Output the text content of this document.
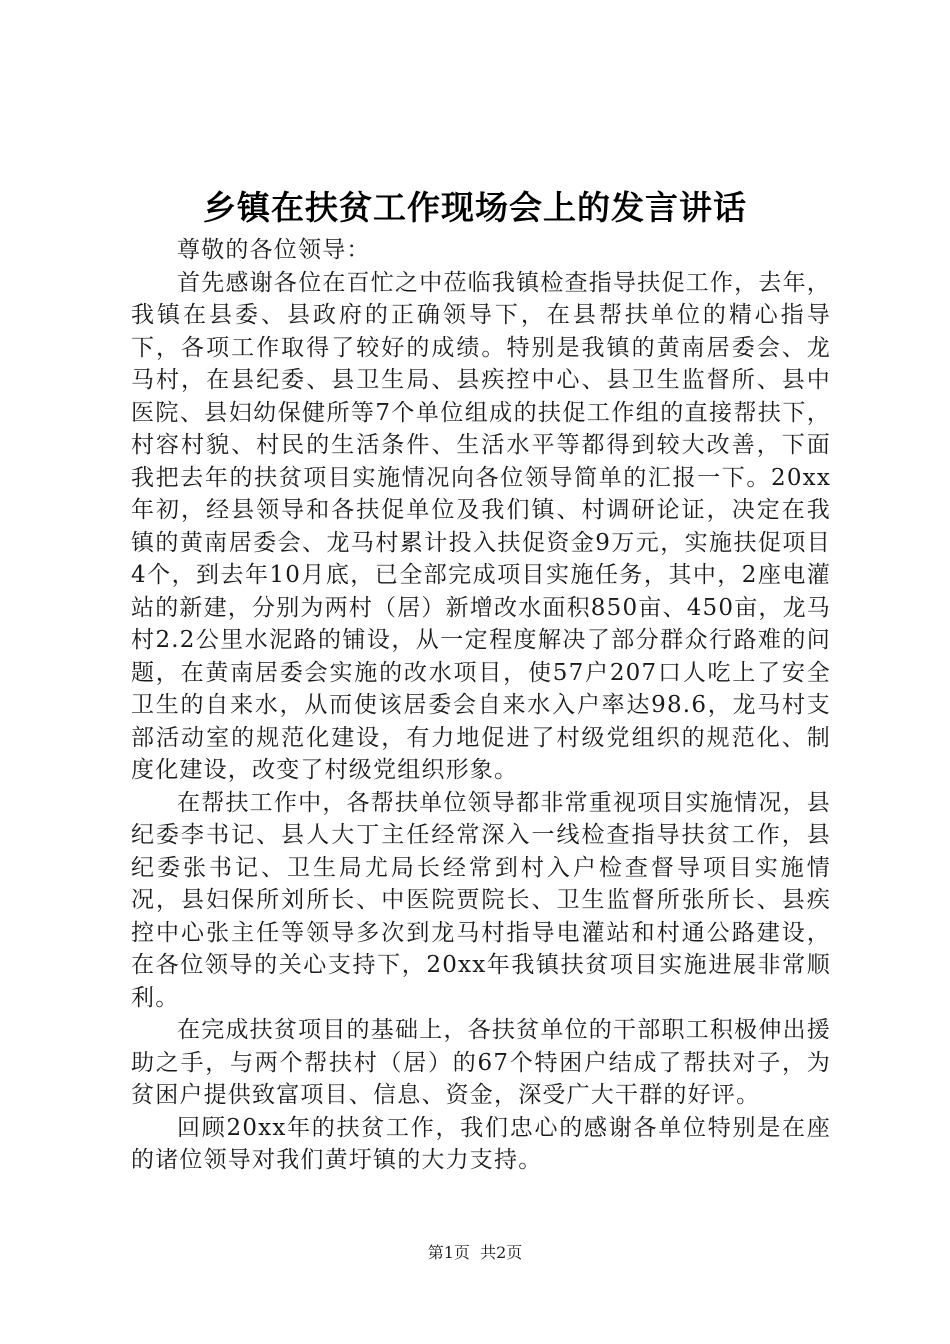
乡镇在扶贫工作现场会上的发言讲话

尊敬的各位领导：

首先感谢各位在百忙之中莅临我镇检查指导扶促工作，去年，我镇在县委、县政府的正确领导下，在县帮扶单位的精心指导下，各项工作取得了较好的成绩。特别是我镇的黄南居委会、龙马村，在县纪委、县卫生局、县疾控中心、县卫生监督所、县中医院、县妇幼保健所等7个单位组成的扶促工作组的直接帮扶下，村容村貌、村民的生活条件、生活水平等都得到较大改善，下面我把去年的扶贫项目实施情况向各位领导简单的汇报一下。20xx年初，经县领导和各扶促单位及我们镇、村调研论证，决定在我镇的黄南居委会、龙马村累计投入扶促资金9万元，实施扶促项目4个，到去年10月底，已全部完成项目实施任务，其中，2座电灌站的新建，分别为两村（居）新增改水面积850亩、450亩，龙马村2.2公里水泥路的铺设，从一定程度解决了部分群众行路难的问题，在黄南居委会实施的改水项目，使57户207口人吃上了安全卫生的自来水，从而使该居委会自来水入户率达98.6，龙马村支部活动室的规范化建设，有力地促进了村级党组织的规范化、制度化建设，改变了村级党组织形象。

在帮扶工作中，各帮扶单位领导都非常重视项目实施情况，县纪委李书记、县人大丁主任经常深入一线检查指导扶贫工作，县纪委张书记、卫生局尤局长经常到村入户检查督导项目实施情况，县妇保所刘所长、中医院贾院长、卫生监督所张所长、县疾控中心张主任等领导多次到龙马村指导电灌站和村通公路建设，在各位领导的关心支持下，20xx年我镇扶贫项目实施进展非常顺利。

在完成扶贫项目的基础上，各扶贫单位的干部职工积极伸出援助之手，与两个帮扶村（居）的67个特困户结成了帮扶对子，为贫困户提供致富项目、信息、资金，深受广大干群的好评。

回顾20xx年的扶贫工作，我们忠心的感谢各单位特别是在座的诸位领导对我们黄圩镇的大力支持。

第1页 共2页
